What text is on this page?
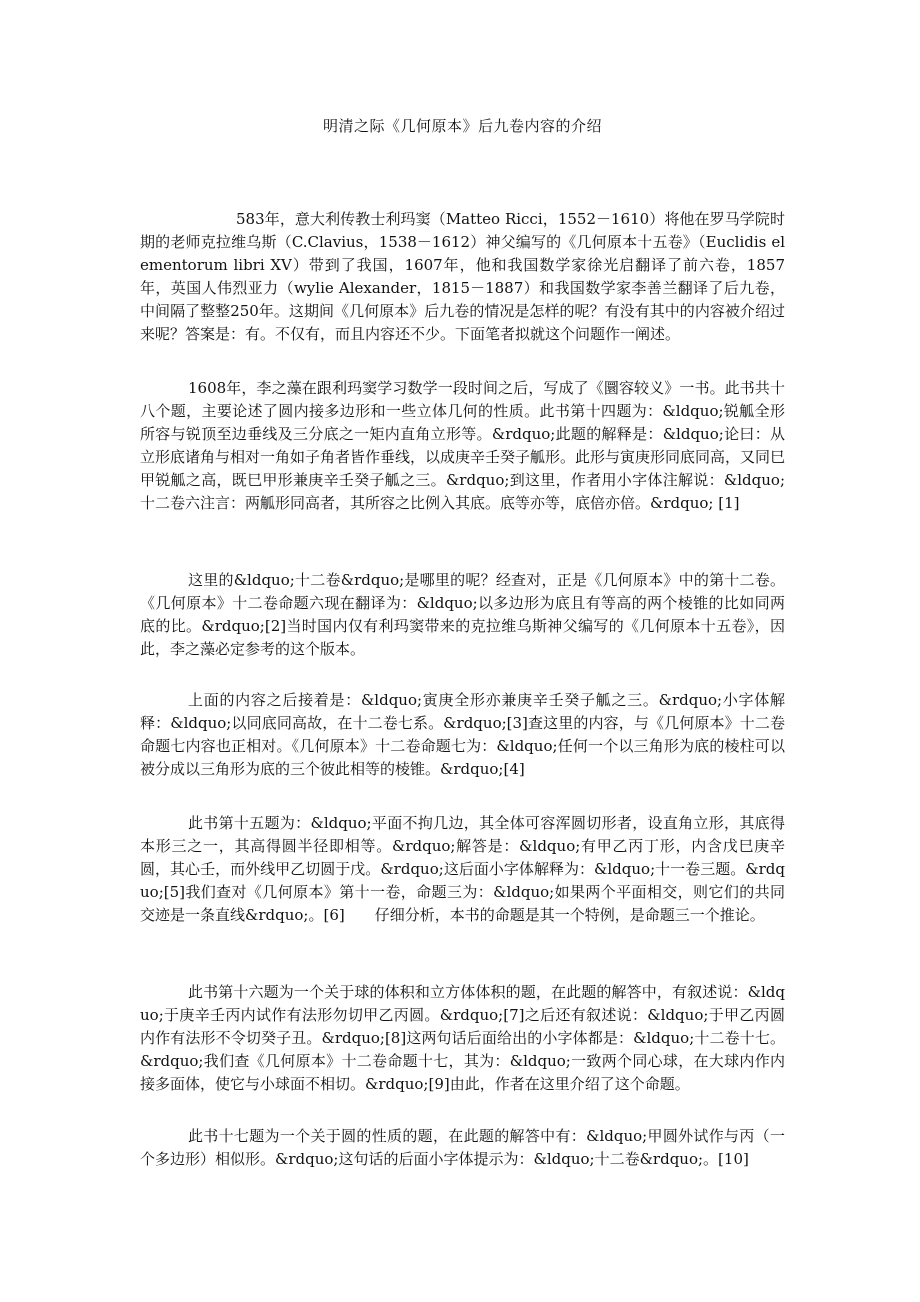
明清之际《几何原本》后九卷内容的介绍

583年，意大利传教士利玛窦（Matteo Ricci，1552－1610）将他在罗马学院时期的老师克拉维乌斯（C.Clavius，1538－1612）神父编写的《几何原本十五卷》（Euclidis elementorum libri XV）带到了我国，1607年，他和我国数学家徐光启翻译了前六卷，1857年，英国人伟烈亚力（wylie Alexander，1815－1887）和我国数学家李善兰翻译了后九卷，中间隔了整整250年。这期间《几何原本》后九卷的情况是怎样的呢？有没有其中的内容被介绍过来呢？答案是：有。不仅有，而且内容还不少。下面笔者拟就这个问题作一阐述。

1608年，李之藻在跟利玛窦学习数学一段时间之后，写成了《圜容较义》一书。此书共十八个题，主要论述了圆内接多边形和一些立体几何的性质。此书第十四题为：&ldquo;锐觚全形所容与锐顶至边垂线及三分底之一矩内直角立形等。&rdquo;此题的解释是：&ldquo;论曰：从立形底诸角与相对一角如子角者皆作垂线，以成庚辛壬癸子觚形。此形与寅庚形同底同高，又同巳甲锐觚之高，既巳甲形兼庚辛壬癸子觚之三。&rdquo;到这里，作者用小字体注解说：&ldquo;十二卷六注言：两觚形同高者，其所容之比例入其底。底等亦等，底倍亦倍。&rdquo; [1]

这里的&ldquo;十二卷&rdquo;是哪里的呢？经查对，正是《几何原本》中的第十二卷。《几何原本》十二卷命题六现在翻译为：&ldquo;以多边形为底且有等高的两个棱锥的比如同两底的比。&rdquo;[2]当时国内仅有利玛窦带来的克拉维乌斯神父编写的《几何原本十五卷》，因此，李之藻必定参考的这个版本。

上面的内容之后接着是：&ldquo;寅庚全形亦兼庚辛壬癸子觚之三。&rdquo;小字体解释：&ldquo;以同底同高故，在十二卷七系。&rdquo;[3]查这里的内容，与《几何原本》十二卷命题七内容也正相对。《几何原本》十二卷命题七为：&ldquo;任何一个以三角形为底的棱柱可以被分成以三角形为底的三个彼此相等的棱锥。&rdquo;[4]

此书第十五题为：&ldquo;平面不拘几边，其全体可容浑圆切形者，设直角立形，其底得本形三之一，其高得圆半径即相等。&rdquo;解答是：&ldquo;有甲乙丙丁形，内含戊巳庚辛圆，其心壬，而外线甲乙切圆于戊。&rdquo;这后面小字体解释为：&ldquo;十一卷三题。&rdquo;[5]我们查对《几何原本》第十一卷，命题三为：&ldquo;如果两个平面相交，则它们的共同交迹是一条直线&rdquo;。[6]　　仔细分析，本书的命题是其一个特例，是命题三一个推论。

此书第十六题为一个关于球的体积和立方体体积的题，在此题的解答中，有叙述说：&ldquo;于庚辛壬丙内试作有法形勿切甲乙丙圆。&rdquo;[7]之后还有叙述说：&ldquo;于甲乙丙圆内作有法形不令切癸子丑。&rdquo;[8]这两句话后面给出的小字体都是：&ldquo;十二卷十七。&rdquo;我们查《几何原本》十二卷命题十七，其为：&ldquo;一致两个同心球，在大球内作内接多面体，使它与小球面不相切。&rdquo;[9]由此，作者在这里介绍了这个命题。

此书十七题为一个关于圆的性质的题，在此题的解答中有：&ldquo;甲圆外试作与丙（一个多边形）相似形。&rdquo;这句话的后面小字体提示为：&ldquo;十二卷&rdquo;。[10]
